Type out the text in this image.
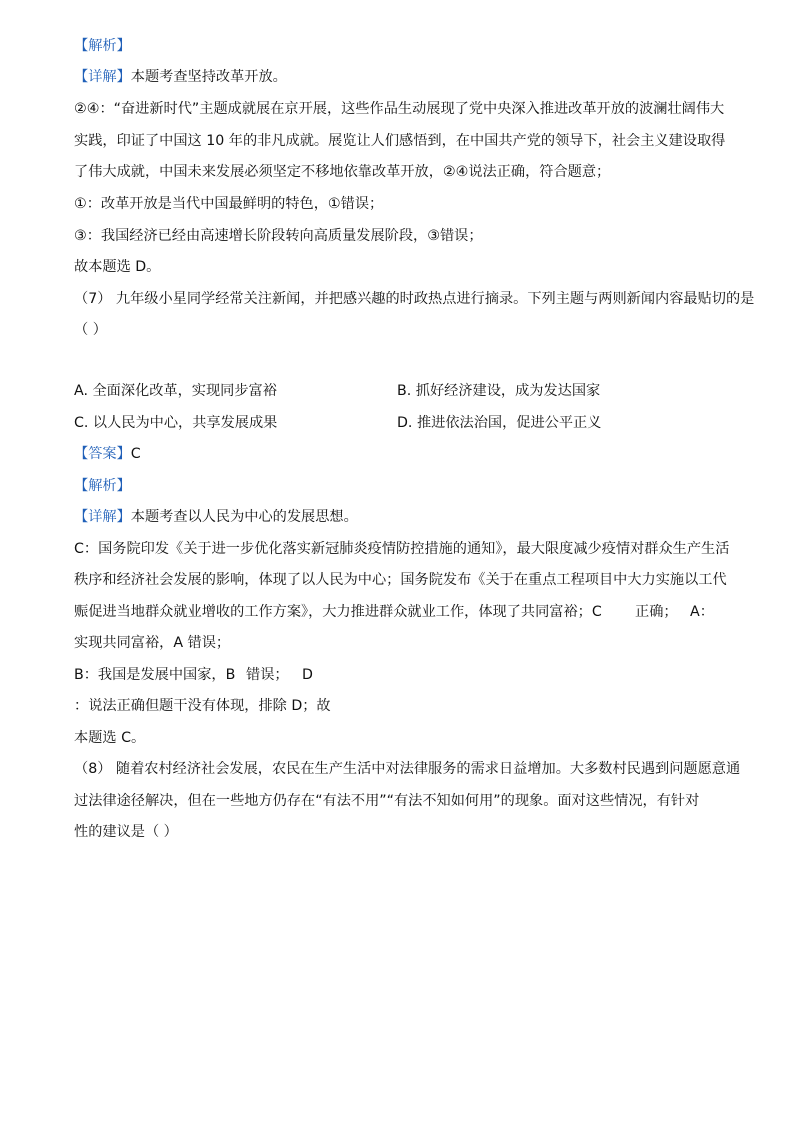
【解析】
【详解】本题考查坚持改革开放。
②④：“奋进新时代”主题成就展在京开展，这些作品生动展现了党中央深入推进改革开放的波澜壮阔伟大
实践，印证了中国这 10 年的非凡成就。展览让人们感悟到，在中国共产党的领导下，社会主义建设取得
了伟大成就，中国未来发展必须坚定不移地依靠改革开放，②④说法正确，符合题意；
①：改革开放是当代中国最鲜明的特色，①错误；
③：我国经济已经由高速增长阶段转向高质量发展阶段，③错误；
故本题选 D。
（7） 九年级小星同学经常关注新闻，并把感兴趣的时政热点进行摘录。下列主题与两则新闻内容最贴切的是
（ ）
A. 全面深化改革，实现同步富裕	B. 抓好经济建设，成为发达国家
C. 以人民为中心，共享发展成果	D. 推进依法治国，促进公平正义
【答案】C
【解析】
【详解】本题考查以人民为中心的发展思想。
C：国务院印发《关于进一步优化落实新冠肺炎疫情防控措施的通知》，最大限度减少疫情对群众生产生活
秩序和经济社会发展的影响，体现了以人民为中心；国务院发布《关于在重点工程项目中大力实施以工代
赈促进当地群众就业增收的工作方案》，大力推进群众就业工作，体现了共同富裕；C 正确； A：
实现共同富裕，A 错误；
B：我国是发展中国家，B 错误； D
：说法正确但题干没有体现，排除 D；故
本题选 C。
（8） 随着农村经济社会发展，农民在生产生活中对法律服务的需求日益增加。大多数村民遇到问题愿意通
过法律途径解决，但在一些地方仍存在“有法不用”“有法不知如何用”的现象。面对这些情况，有针对
性的建议是（ ）
